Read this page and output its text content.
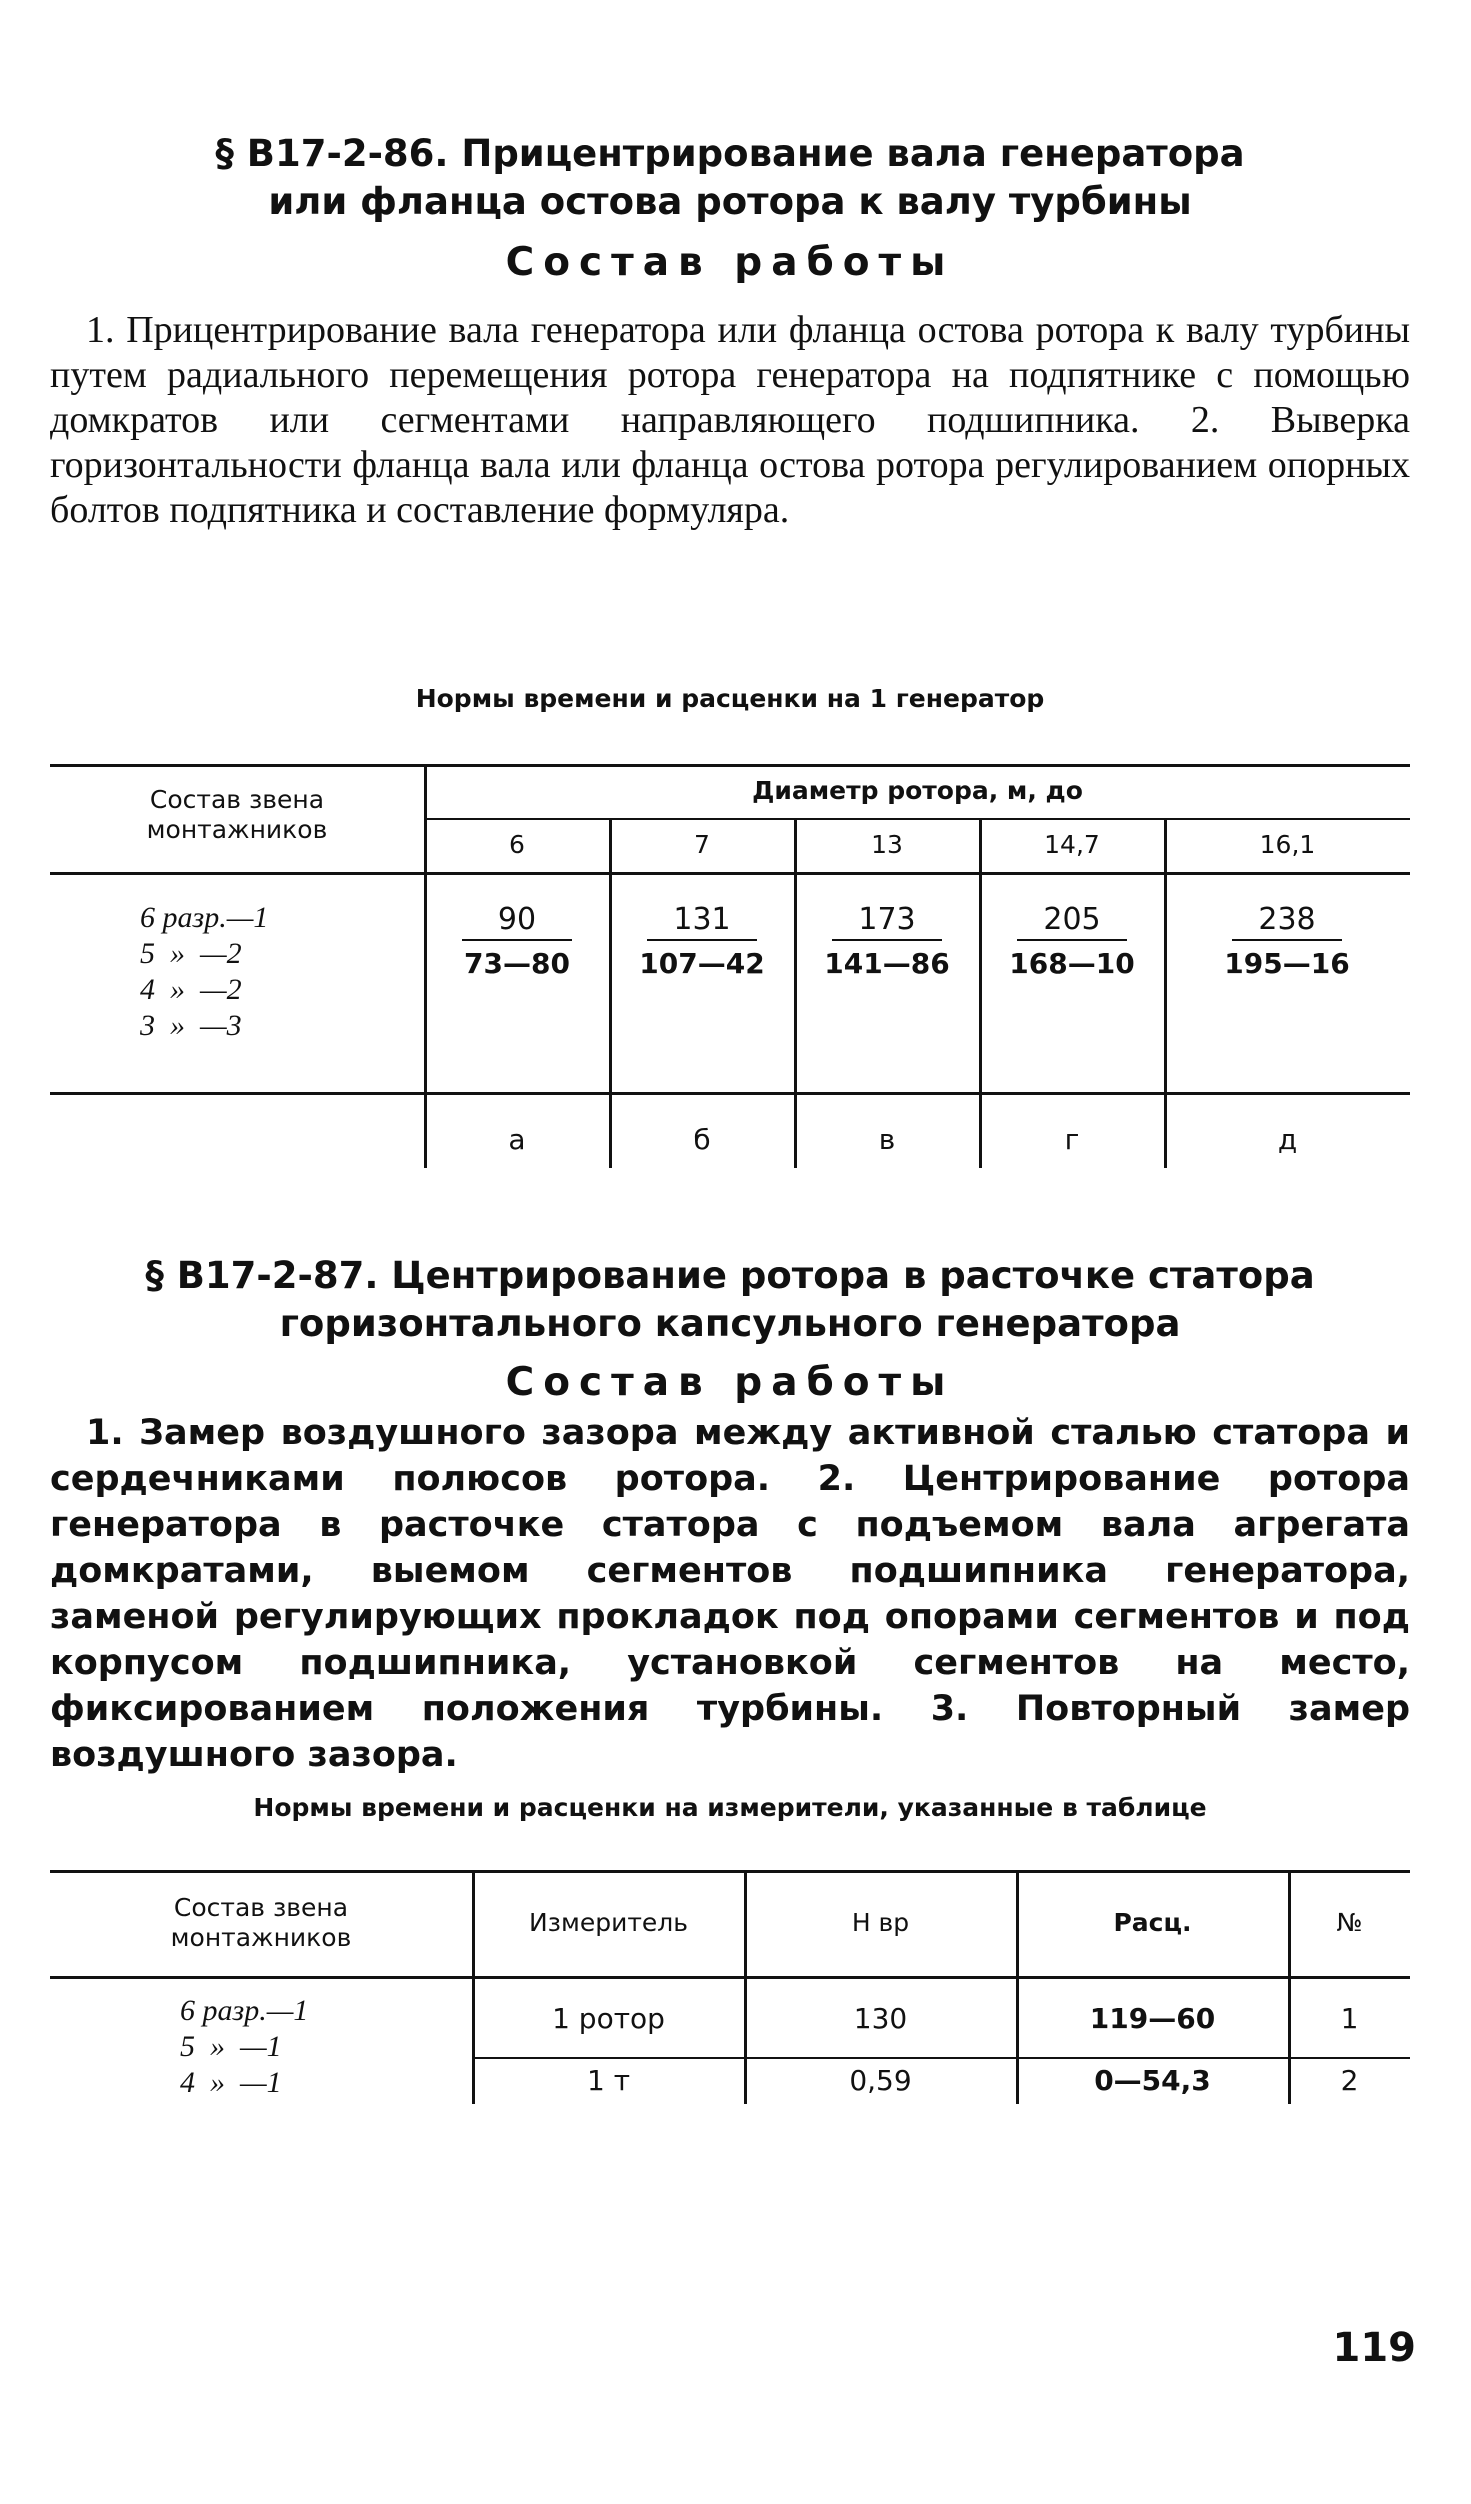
§ В17-2-86. Прицентрирование вала генератора
или фланца остова ротора к валу турбины
Состав работы
1. Прицентрирование вала генератора или фланца остова ротора к валу турбины путем радиального перемещения ротора генератора на подпятнике с помощью домкратов или сегментами направляющего подшипника. 2. Выверка горизонтальности фланца вала или фланца остова ротора регулированием опорных болтов подпятника и составление формуляра.
Нормы времени и расценки на 1 генератор
Состав звена
монтажников
Диаметр ротора, м, до
6	7	13	14,7	16,1
6 разр.—1
5  »  —2
4  »  —2
3  »  —3
$\frac{90}{73—80} \frac{131}{107—42} \frac{173}{141—86} \frac{205}{168—10} \frac{238}{195—16}$
а	б	в	г	д
§ В17-2-87. Центрирование ротора в расточке статора
горизонтального капсульного генератора
Состав работы
1. Замер воздушного зазора между активной сталью статора и сердечниками полюсов ротора. 2. Центрирование ротора генератора в расточке статора с подъемом вала агрегата домкратами, выемом сегментов подшипника генератора, заменой регулирующих прокладок под опорами сегментов и под корпусом подшипника, установкой сегментов на место, фиксированием положения турбины. 3. Повторный замер воздушного зазора.
Нормы времени и расценки на измерители, указанные в таблице
Состав звена
монтажников
Измеритель	Н вр	Расц.	№
6 разр.—1
5  »  —1
4  »  —1
1 ротор	130	119—60	1
1 т	0,59	0—54,3	2
119
